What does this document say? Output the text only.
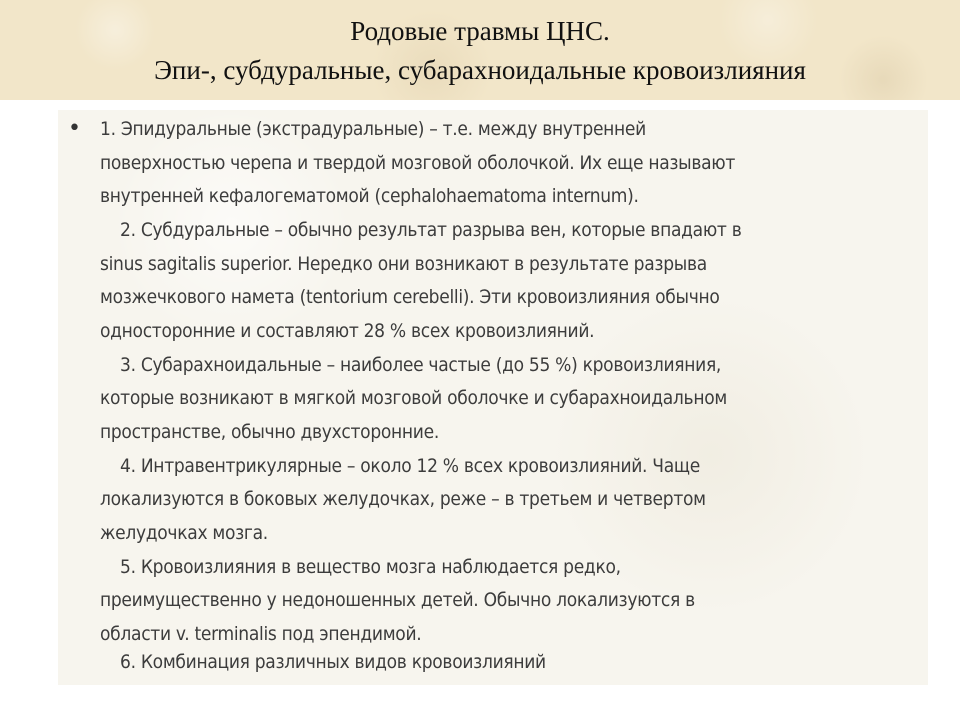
Родовые травмы ЦНС.
Эпи-, субдуральные, субарахноидальные кровоизлияния
• 1. Эпидуральные (экстрадуральные) – т.е. между внутренней
поверхностью черепа и твердой мозговой оболочкой. Их еще называют
внутренней кефалогематомой (cephalohaematoma internum).
2. Субдуральные – обычно результат разрыва вен, которые впадают в
sinus sagitalis superior. Нередко они возникают в результате разрыва
мозжечкового намета (tentorium cerebelli). Эти кровоизлияния обычно
односторонние и составляют 28 % всех кровоизлияний.
3. Субарахноидальные – наиболее частые (до 55 %) кровоизлияния,
которые возникают в мягкой мозговой оболочке и субарахноидальном
пространстве, обычно двухсторонние.
4. Интравентрикулярные – около 12 % всех кровоизлияний. Чаще
локализуются в боковых желудочках, реже – в третьем и четвертом
желудочках мозга.
5. Кровоизлияния в вещество мозга наблюдается редко,
преимущественно у недоношенных детей. Обычно локализуются в
области v. terminalis под эпендимой.
6. Комбинация различных видов кровоизлияний
